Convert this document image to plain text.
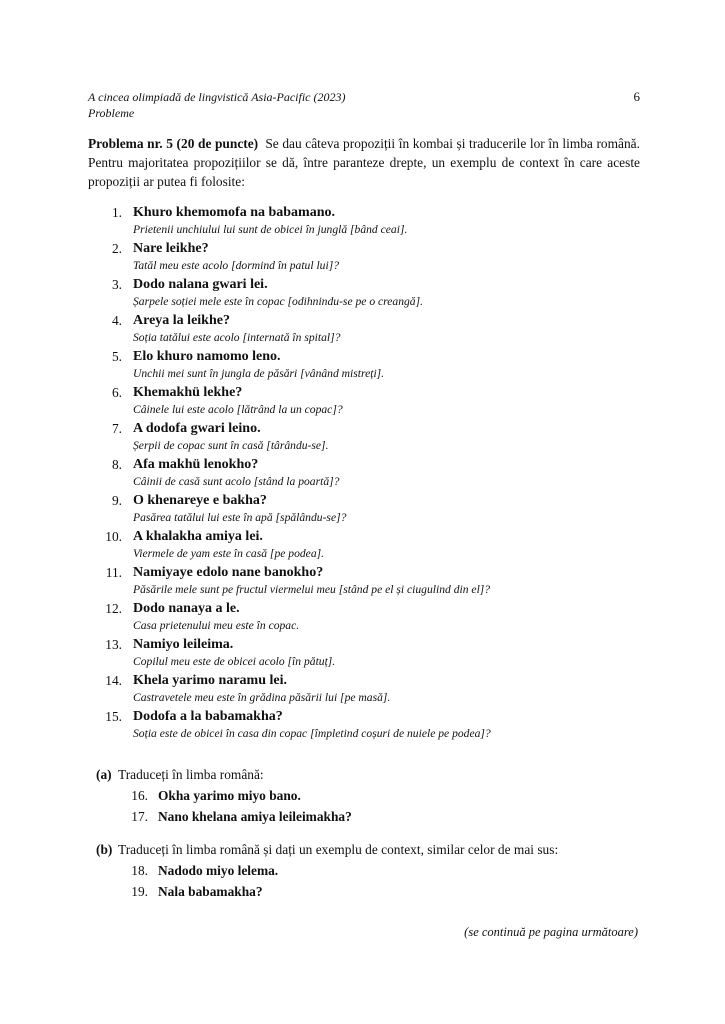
A cincea olimpiadă de lingvistică Asia-Pacific (2023)
Probleme
6
Problema nr. 5 (20 de puncte) Se dau câteva propoziții în kombai și traducerile lor în limba română. Pentru majoritatea propozițiilor se dă, între paranteze drepte, un exemplu de context în care aceste propoziții ar putea fi folosite:
1. Khuro khemomofa na babamano.
Prietenii unchiului lui sunt de obicei în junglă [bând ceai].
2. Nare leikhe?
Tatăl meu este acolo [dormind în patul lui]?
3. Dodo nalana gwari lei.
Șarpele soției mele este în copac [odihnindu-se pe o creangă].
4. Areya la leikhe?
Soția tatălui este acolo [internată în spital]?
5. Elo khuro namomo leno.
Unchii mei sunt în jungla de păsări [vânând mistreți].
6. Khemakhü lekhe?
Câinele lui este acolo [lătrând la un copac]?
7. A dodofa gwari leino.
Șerpii de copac sunt în casă [târându-se].
8. Afa makhü lenokho?
Câinii de casă sunt acolo [stând la poartă]?
9. O khenareye e bakha?
Pasărea tatălui lui este în apă [spălându-se]?
10. A khalakha amiya lei.
Viermele de yam este în casă [pe podea].
11. Namiyaye edolo nane banokho?
Păsările mele sunt pe fructul viermelui meu [stând pe el și ciugulind din el]?
12. Dodo nanaya a le.
Casa prietenului meu este în copac.
13. Namiyo leileima.
Copilul meu este de obicei acolo [în pătuț].
14. Khela yarimo naramu lei.
Castravetele meu este în grădina păsării lui [pe masă].
15. Dodofa a la babamakha?
Soția este de obicei în casa din copac [împletind coșuri de nuiele pe podea]?
(a) Traduceți în limba română:
16. Okha yarimo miyo bano.
17. Nano khelana amiya leileimakha?
(b) Traduceți în limba română și dați un exemplu de context, similar celor de mai sus:
18. Nadodo miyo lelema.
19. Nala babamakha?
(se continuă pe pagina următoare)
